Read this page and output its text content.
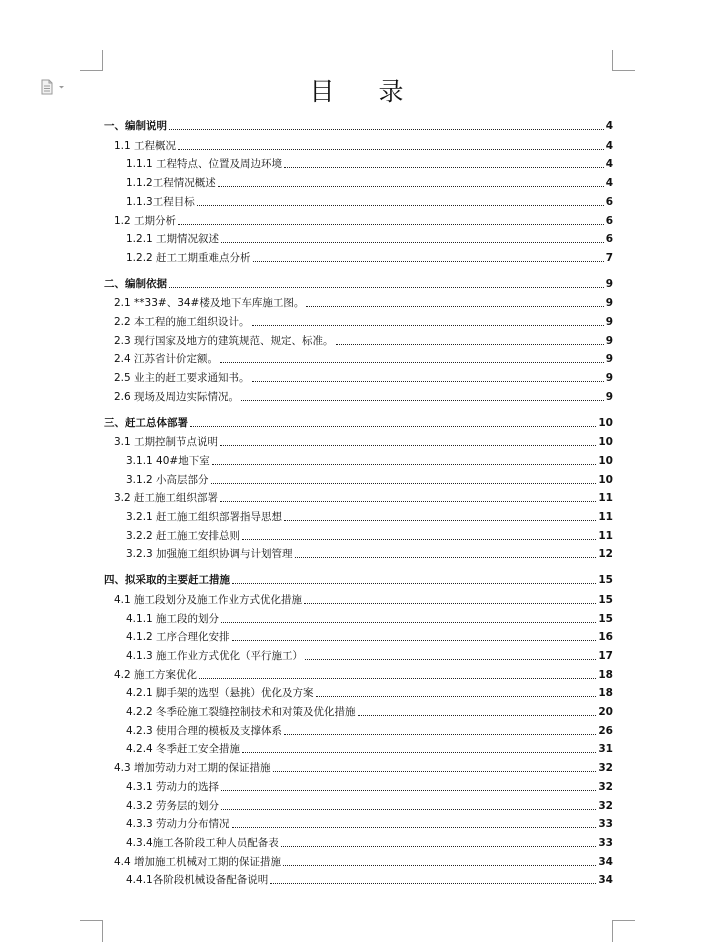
目 录
一、编制说明	4
1.1 工程概况	4
1.1.1 工程特点、位置及周边环境	4
1.1.2工程情况概述	4
1.1.3工程目标	6
1.2 工期分析	6
1.2.1 工期情况叙述	6
1.2.2 赶工工期重难点分析	7
二、编制依据	9
2.1 **33#、34#楼及地下车库施工图。	9
2.2 本工程的施工组织设计。	9
2.3 现行国家及地方的建筑规范、规定、标准。	9
2.4 江苏省计价定额。	9
2.5 业主的赶工要求通知书。	9
2.6 现场及周边实际情况。	9
三、赶工总体部署	10
3.1 工期控制节点说明	10
3.1.1 40#地下室	10
3.1.2 小高层部分	10
3.2 赶工施工组织部署	11
3.2.1 赶工施工组织部署指导思想	11
3.2.2 赶工施工安排总则	11
3.2.3 加强施工组织协调与计划管理	12
四、拟采取的主要赶工措施	15
4.1 施工段划分及施工作业方式优化措施	15
4.1.1 施工段的划分	15
4.1.2 工序合理化安排	16
4.1.3 施工作业方式优化（平行施工）	17
4.2 施工方案优化	18
4.2.1 脚手架的选型（悬挑）优化及方案	18
4.2.2 冬季砼施工裂缝控制技术和对策及优化措施	20
4.2.3 使用合理的模板及支撑体系	26
4.2.4 冬季赶工安全措施	31
4.3 增加劳动力对工期的保证措施	32
4.3.1 劳动力的选择	32
4.3.2 劳务层的划分	32
4.3.3 劳动力分布情况	33
4.3.4施工各阶段工种人员配备表	33
4.4 增加施工机械对工期的保证措施	34
4.4.1各阶段机械设备配备说明	34
